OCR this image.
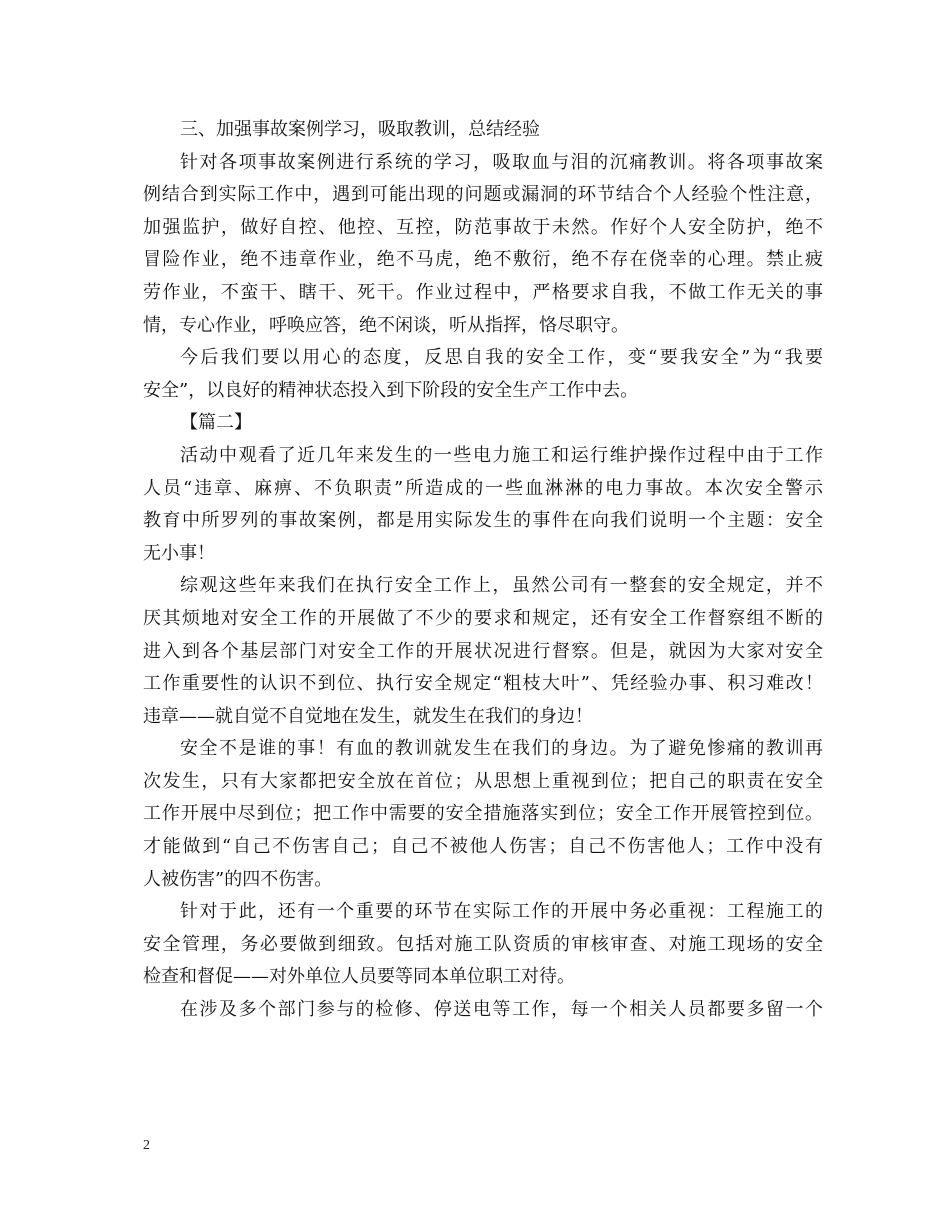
三、加强事故案例学习，吸取教训，总结经验
针对各项事故案例进行系统的学习，吸取血与泪的沉痛教训。将各项事故案
例结合到实际工作中，遇到可能出现的问题或漏洞的环节结合个人经验个性注意，
加强监护，做好自控、他控、互控，防范事故于未然。作好个人安全防护，绝不
冒险作业，绝不违章作业，绝不马虎，绝不敷衍，绝不存在侥幸的心理。禁止疲
劳作业，不蛮干、瞎干、死干。作业过程中，严格要求自我，不做工作无关的事
情，专心作业，呼唤应答，绝不闲谈，听从指挥，恪尽职守。
今后我们要以用心的态度，反思自我的安全工作，变“要我安全”为“我要
安全”，以良好的精神状态投入到下阶段的安全生产工作中去。
【篇二】
活动中观看了近几年来发生的一些电力施工和运行维护操作过程中由于工作
人员“违章、麻痹、不负职责”所造成的一些血淋淋的电力事故。本次安全警示
教育中所罗列的事故案例，都是用实际发生的事件在向我们说明一个主题：安全
无小事！
综观这些年来我们在执行安全工作上，虽然公司有一整套的安全规定，并不
厌其烦地对安全工作的开展做了不少的要求和规定，还有安全工作督察组不断的
进入到各个基层部门对安全工作的开展状况进行督察。但是，就因为大家对安全
工作重要性的认识不到位、执行安全规定“粗枝大叶”、凭经验办事、积习难改！
违章——就自觉不自觉地在发生，就发生在我们的身边！
安全不是谁的事！有血的教训就发生在我们的身边。为了避免惨痛的教训再
次发生，只有大家都把安全放在首位；从思想上重视到位；把自己的职责在安全
工作开展中尽到位；把工作中需要的安全措施落实到位；安全工作开展管控到位。
才能做到“自己不伤害自己；自己不被他人伤害；自己不伤害他人；工作中没有
人被伤害”的四不伤害。
针对于此，还有一个重要的环节在实际工作的开展中务必重视：工程施工的
安全管理，务必要做到细致。包括对施工队资质的审核审查、对施工现场的安全
检查和督促——对外单位人员要等同本单位职工对待。
在涉及多个部门参与的检修、停送电等工作，每一个相关人员都要多留一个
2
